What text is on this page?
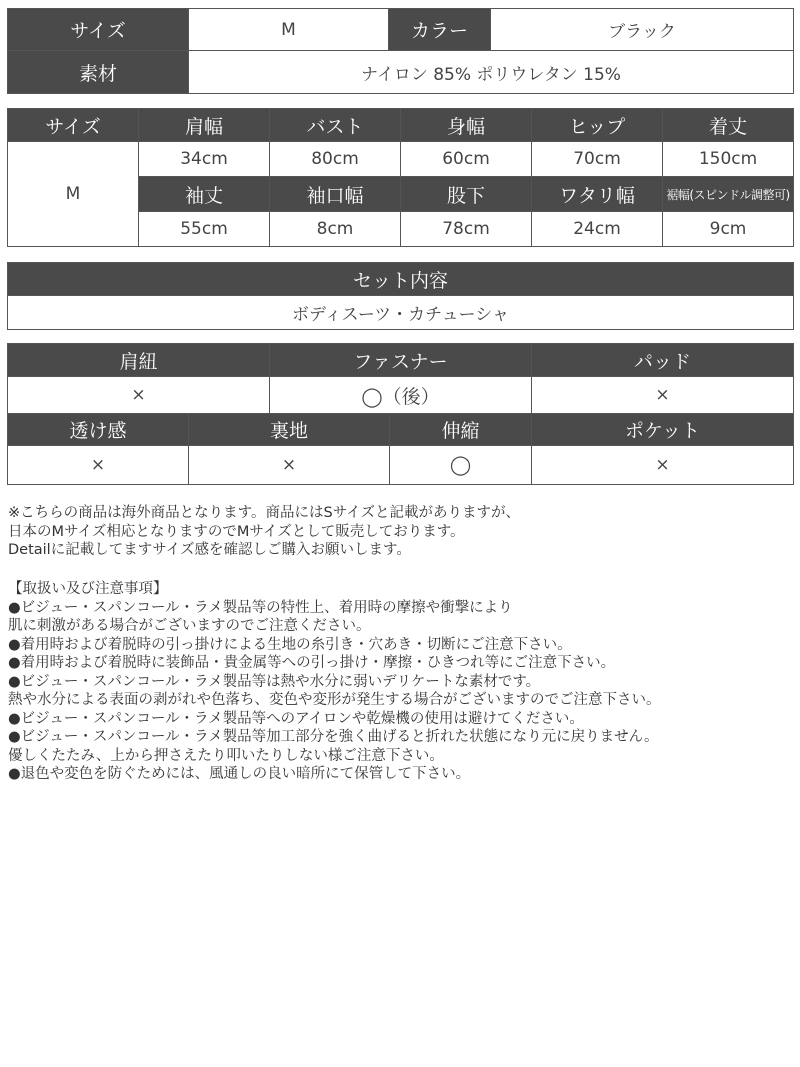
サイズ	M	カラー	ブラック
素材	ナイロン 85% ポリウレタン 15%		
サイズ	肩幅	バスト	身幅	ヒップ	着丈
M	34cm	80cm	60cm	70cm	150cm
	袖丈	袖口幅	股下	ワタリ幅	裾幅(スピンドル調整可)
	55cm	8cm	78cm	24cm	9cm
セット内容
ボディスーツ・カチューシャ
肩紐		ファスナー		パッド
×		◯（後）		×
透け感	裏地		伸縮	ポケット
×	×		◯	×
※こちらの商品は海外商品となります。商品にはSサイズと記載がありますが、
日本のMサイズ相応となりますのでMサイズとして販売しております。
Detailに記載してますサイズ感を確認しご購入お願いします。
【取扱い及び注意事項】
●ビジュー・スパンコール・ラメ製品等の特性上、着用時の摩擦や衝撃により
肌に刺激がある場合がございますのでご注意ください。
●着用時および着脱時の引っ掛けによる生地の糸引き・穴あき・切断にご注意下さい。
●着用時および着脱時に装飾品・貴金属等への引っ掛け・摩擦・ひきつれ等にご注意下さい。
●ビジュー・スパンコール・ラメ製品等は熱や水分に弱いデリケートな素材です。
熱や水分による表面の剥がれや色落ち、変色や変形が発生する場合がございますのでご注意下さい。
●ビジュー・スパンコール・ラメ製品等へのアイロンや乾燥機の使用は避けてください。
●ビジュー・スパンコール・ラメ製品等加工部分を強く曲げると折れた状態になり元に戻りません。
優しくたたみ、上から押さえたり叩いたりしない様ご注意下さい。
●退色や変色を防ぐためには、風通しの良い暗所にて保管して下さい。
